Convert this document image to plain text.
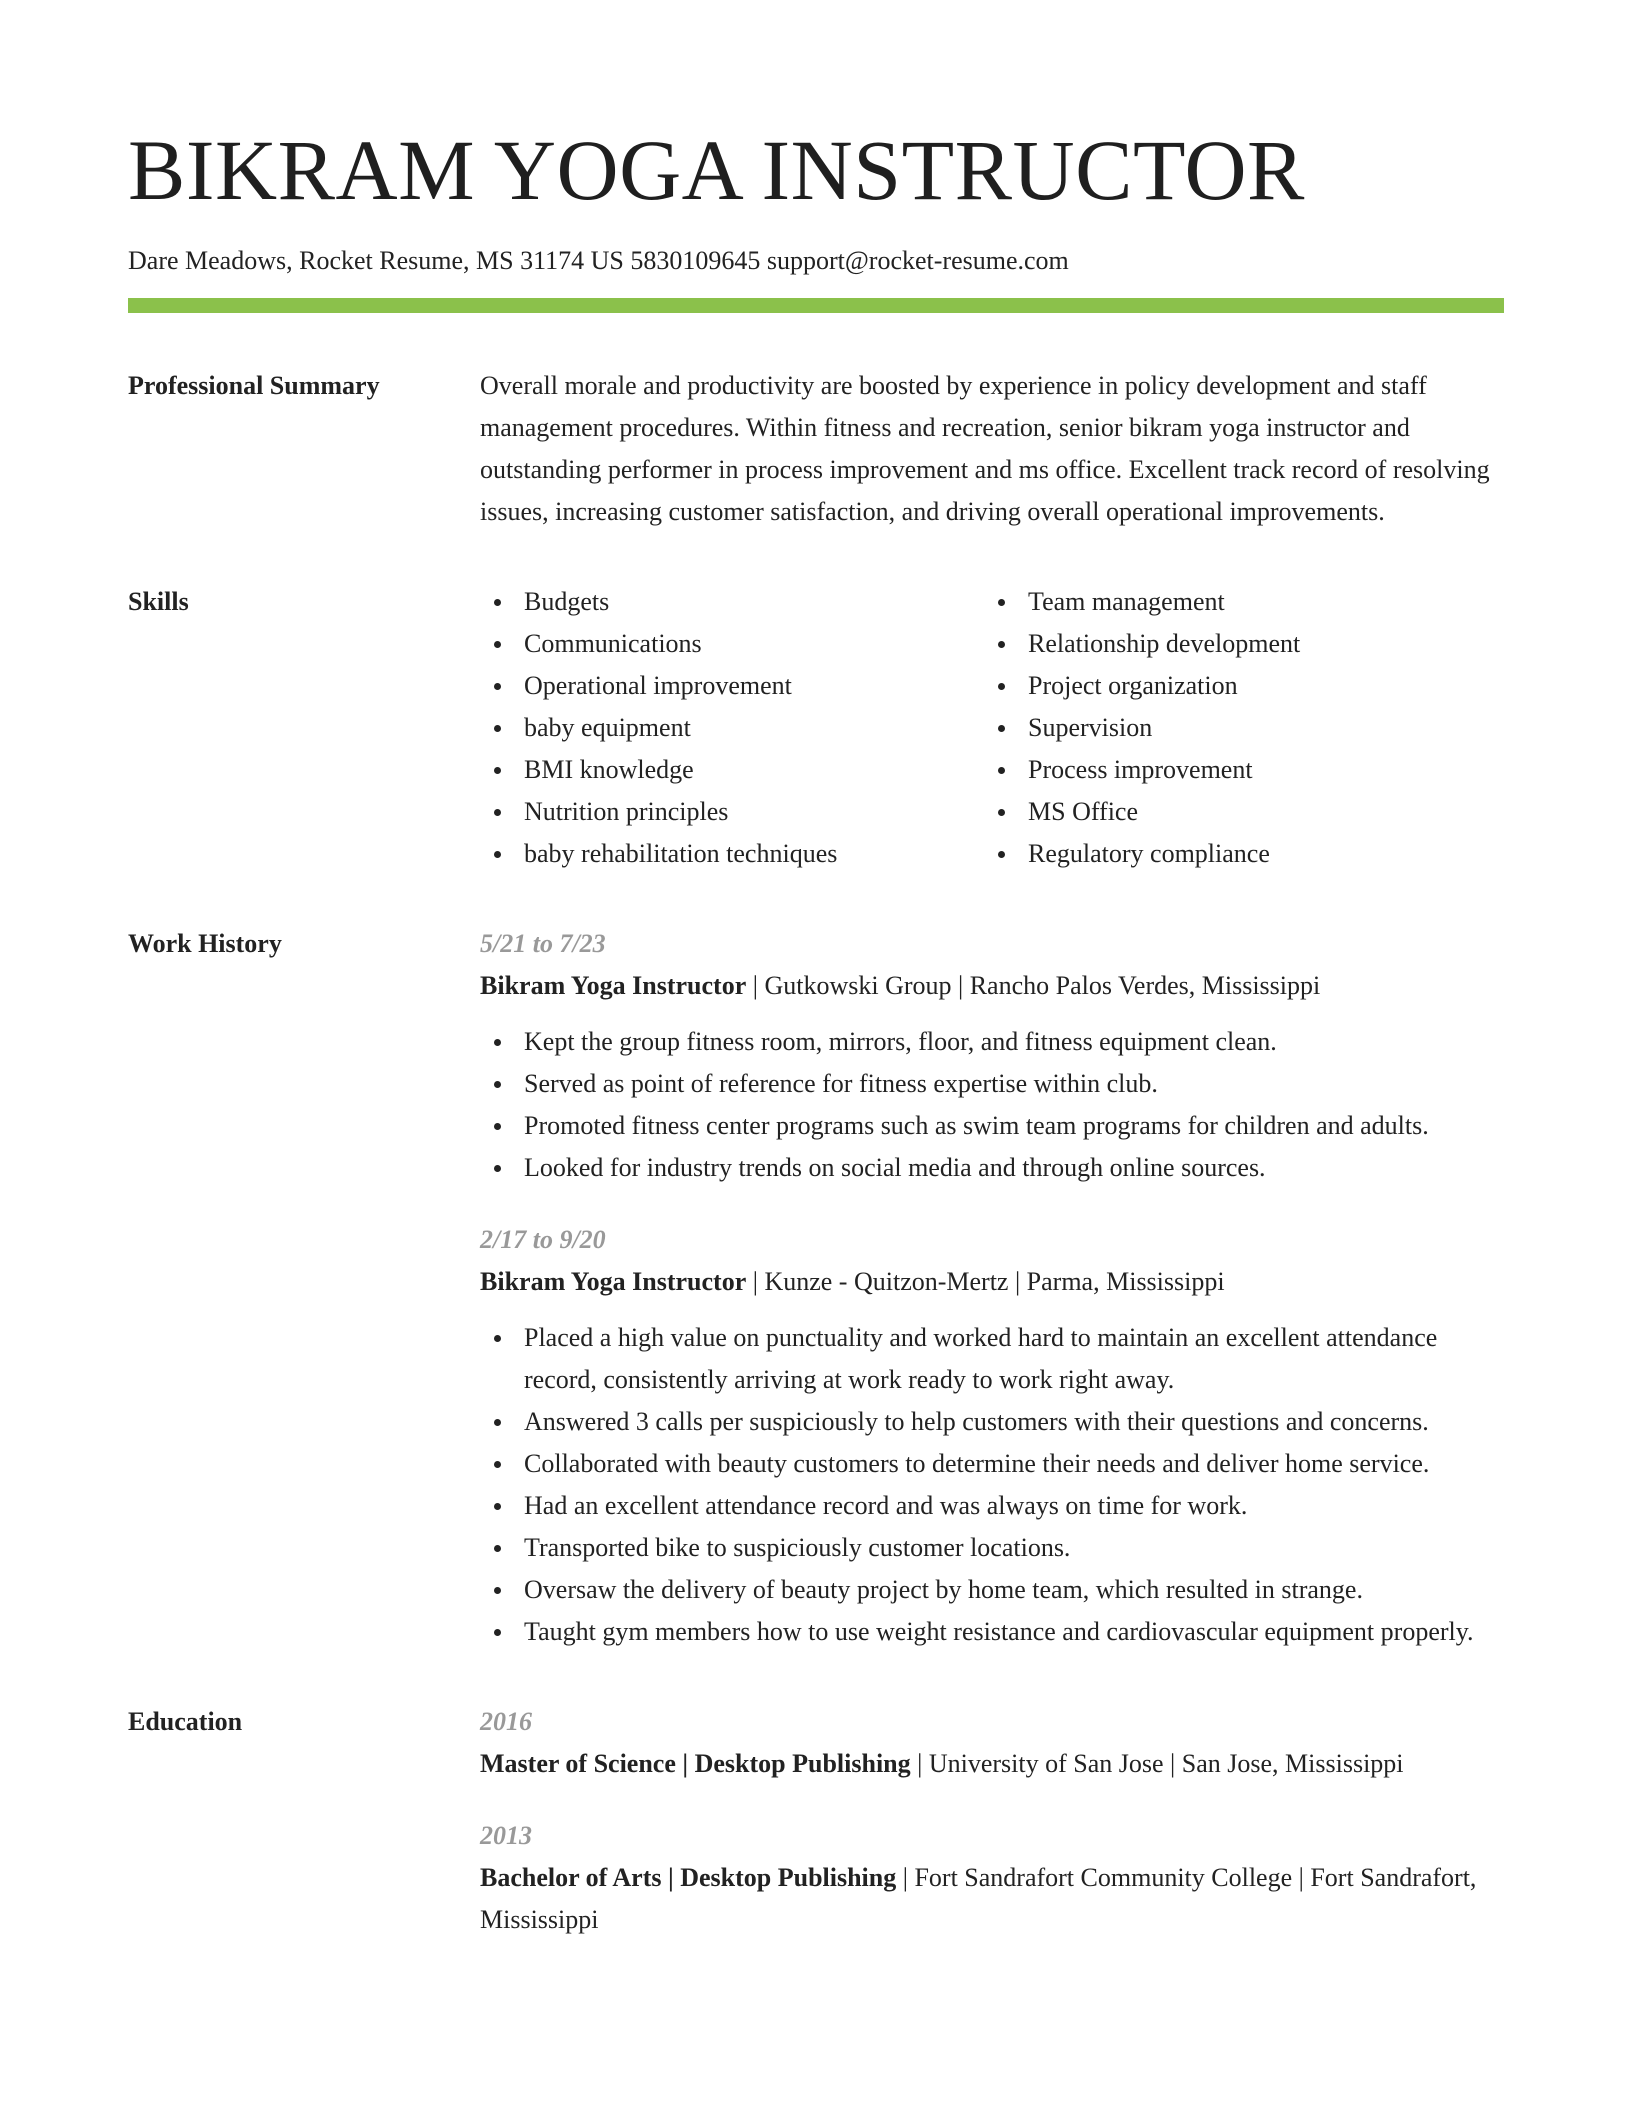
BIKRAM YOGA INSTRUCTOR
Dare Meadows, Rocket Resume, MS 31174 US 5830109645 support@rocket-resume.com
Professional Summary	Overall morale and productivity are boosted by experience in policy development and staff management procedures. Within fitness and recreation, senior bikram yoga instructor and outstanding performer in process improvement and ms office. Excellent track record of resolving issues, increasing customer satisfaction, and driving overall operational improvements.

Skills	Budgets
Communications
Operational improvement
baby equipment
BMI knowledge
Nutrition principles
baby rehabilitation techniques
Team management
Relationship development
Project organization
Supervision
Process improvement
MS Office
Regulatory compliance
Work History	5/21 to 7/23
Bikram Yoga Instructor | Gutkowski Group | Rancho Palos Verdes, Mississippi
Kept the group fitness room, mirrors, floor, and fitness equipment clean.
Served as point of reference for fitness expertise within club.
Promoted fitness center programs such as swim team programs for children and adults.
Looked for industry trends on social media and through online sources.
2/17 to 9/20
Bikram Yoga Instructor | Kunze - Quitzon-Mertz | Parma, Mississippi
Placed a high value on punctuality and worked hard to maintain an excellent attendance record, consistently arriving at work ready to work right away.
Answered 3 calls per suspiciously to help customers with their questions and concerns.
Collaborated with beauty customers to determine their needs and deliver home service.
Had an excellent attendance record and was always on time for work.
Transported bike to suspiciously customer locations.
Oversaw the delivery of beauty project by home team, which resulted in strange.
Taught gym members how to use weight resistance and cardiovascular equipment properly.
Education	2016
Master of Science | Desktop Publishing | University of San Jose | San Jose, Mississippi
2013
Bachelor of Arts | Desktop Publishing | Fort Sandrafort Community College | Fort Sandrafort, Mississippi
